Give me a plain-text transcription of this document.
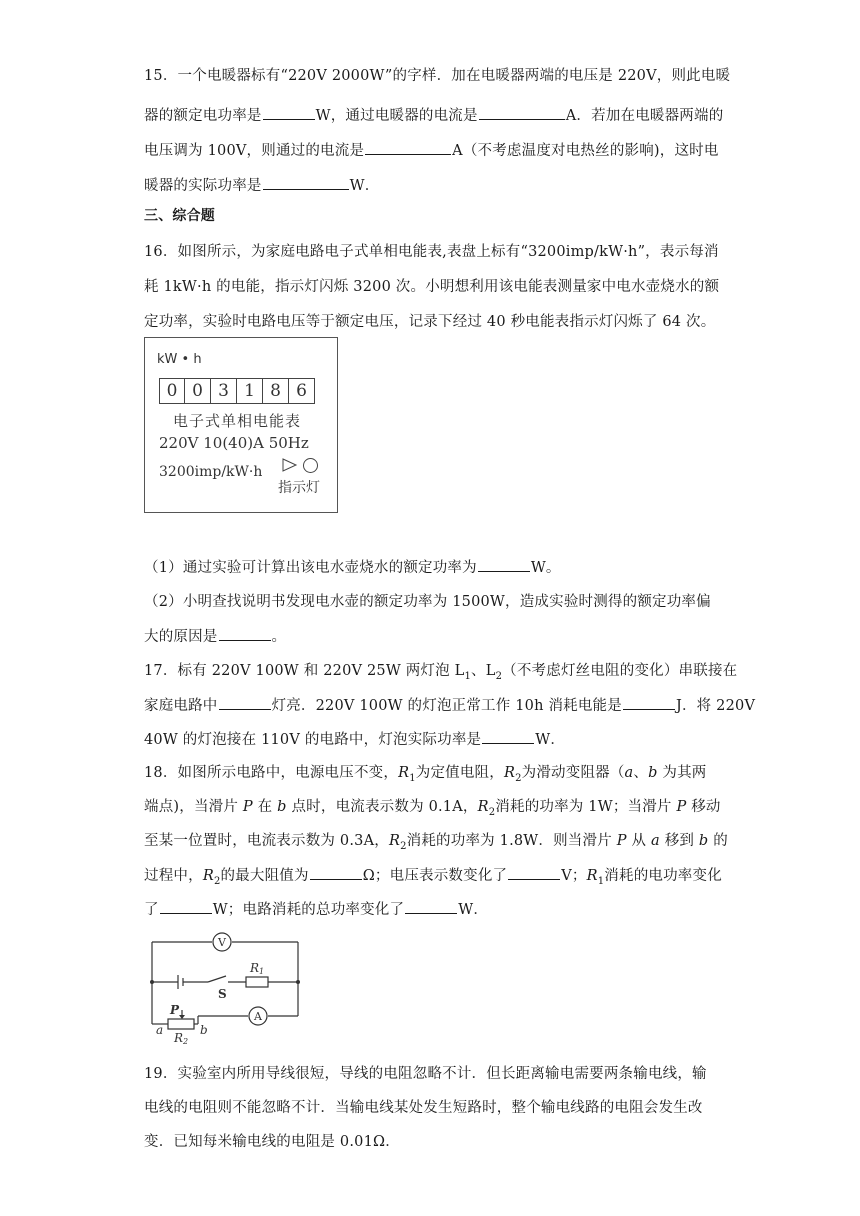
15．一个电暖器标有“220V 2000W”的字样．加在电暖器两端的电压是 220V，则此电暖
器的额定电功率是	W，通过电暖器的电流是	A．若加在电暖器两端的
电压调为 100V，则通过的电流是	A（不考虑温度对电热丝的影响)，这时电
暖器的实际功率是	W．
三、综合题
16．如图所示，为家庭电路电子式单相电能表,表盘上标有“3200imp/kW·h”，表示每消
耗 1kW·h 的电能，指示灯闪烁 3200 次。小明想利用该电能表测量家中电水壶烧水的额
定功率，实验时电路电压等于额定电压，记录下经过 40 秒电能表指示灯闪烁了 64 次。
kW • h
0 0 3 1 8 6
电子式单相电能表
220V 10(40)A 50Hz
3200imp/kW·h
指示灯
（1）通过实验可计算出该电水壶烧水的额定功率为	W。
（2）小明查找说明书发现电水壶的额定功率为 1500W，造成实验时测得的额定功率偏
大的原因是	。
17．标有 220V 100W 和 220V 25W 两灯泡 $L_1$、$L_2$（不考虑灯丝电阻的变化）串联接在
家庭电路中	灯亮．220V 100W 的灯泡正常工作 10h 消耗电能是	J．将 220V
40W 的灯泡接在 110V 的电路中，灯泡实际功率是	W．
18．如图所示电路中，电源电压不变，$R_1$为定值电阻，$R_2$为滑动变阻器（a、b 为其两
端点)，当滑片 P 在 b 点时，电流表示数为 0.1A，$R_2$消耗的功率为 1W；当滑片 P 移动
至某一位置时，电流表示数为 0.3A，$R_2$消耗的功率为 1.8W．则当滑片 P 从 a 移到 b 的
过程中，$R_2$的最大阻值为	Ω；电压表示数变化了	V；$R_1$消耗的电功率变化
了	W；电路消耗的总功率变化了	W．
V
A
S
R1
P
a	b
R2
19．实验室内所用导线很短，导线的电阻忽略不计．但长距离输电需要两条输电线，输
电线的电阻则不能忽略不计．当输电线某处发生短路时，整个输电线路的电阻会发生改
变．已知每米输电线的电阻是 0.01Ω．
